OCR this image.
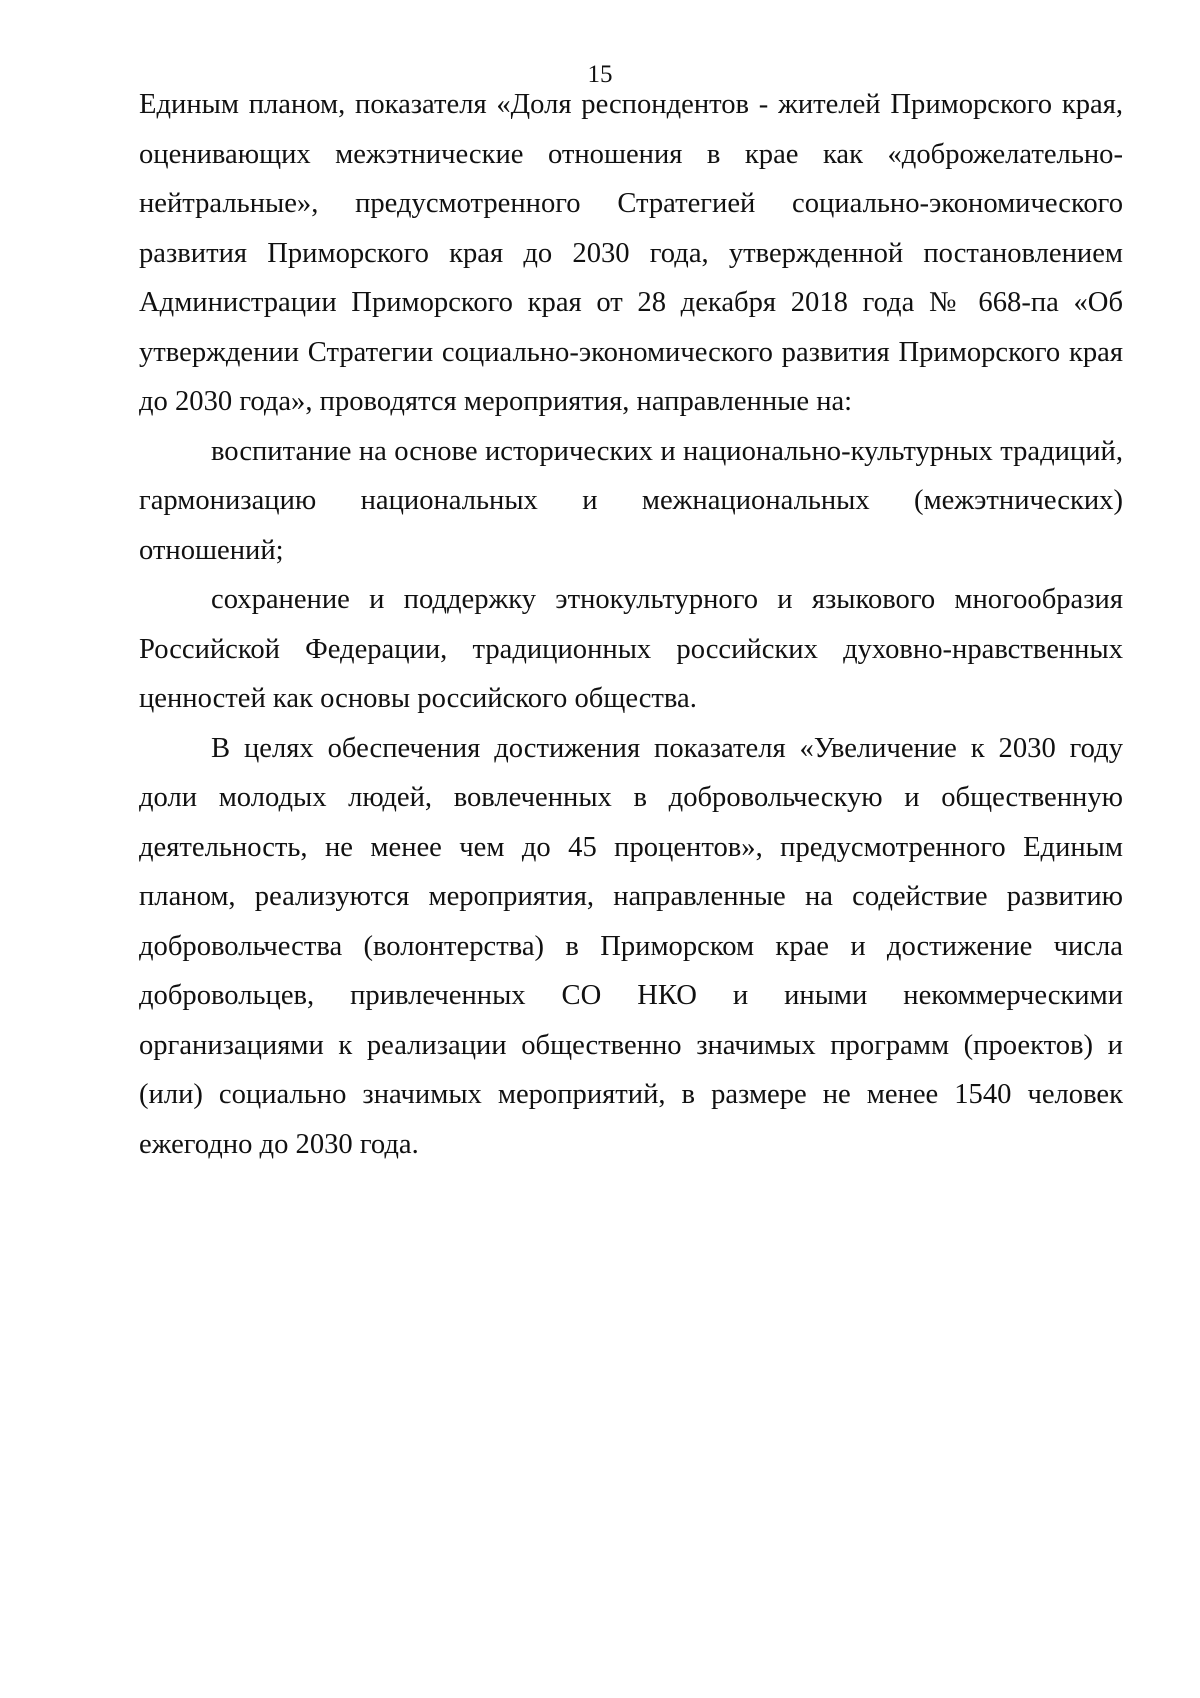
15

Единым планом, показателя «Доля респондентов - жителей Приморского края, оценивающих межэтнические отношения в крае как «доброжелательно-нейтральные», предусмотренного Стратегией социально-экономического развития Приморского края до 2030 года, утвержденной постановлением Администрации Приморского края от 28 декабря 2018 года № 668-па «Об утверждении Стратегии социально-экономического развития Приморского края до 2030 года», проводятся мероприятия, направленные на:

воспитание на основе исторических и национально-культурных традиций, гармонизацию национальных и межнациональных (межэтнических) отношений;

сохранение и поддержку этнокультурного и языкового многообразия Российской Федерации, традиционных российских духовно-нравственных ценностей как основы российского общества.

В целях обеспечения достижения показателя «Увеличение к 2030 году доли молодых людей, вовлеченных в добровольческую и общественную деятельность, не менее чем до 45 процентов», предусмотренного Единым планом, реализуются мероприятия, направленные на содействие развитию добровольчества (волонтерства) в Приморском крае и достижение числа добровольцев, привлеченных СО НКО и иными некоммерческими организациями к реализации общественно значимых программ (проектов) и (или) социально значимых мероприятий, в размере не менее 1540 человек ежегодно до 2030 года.
